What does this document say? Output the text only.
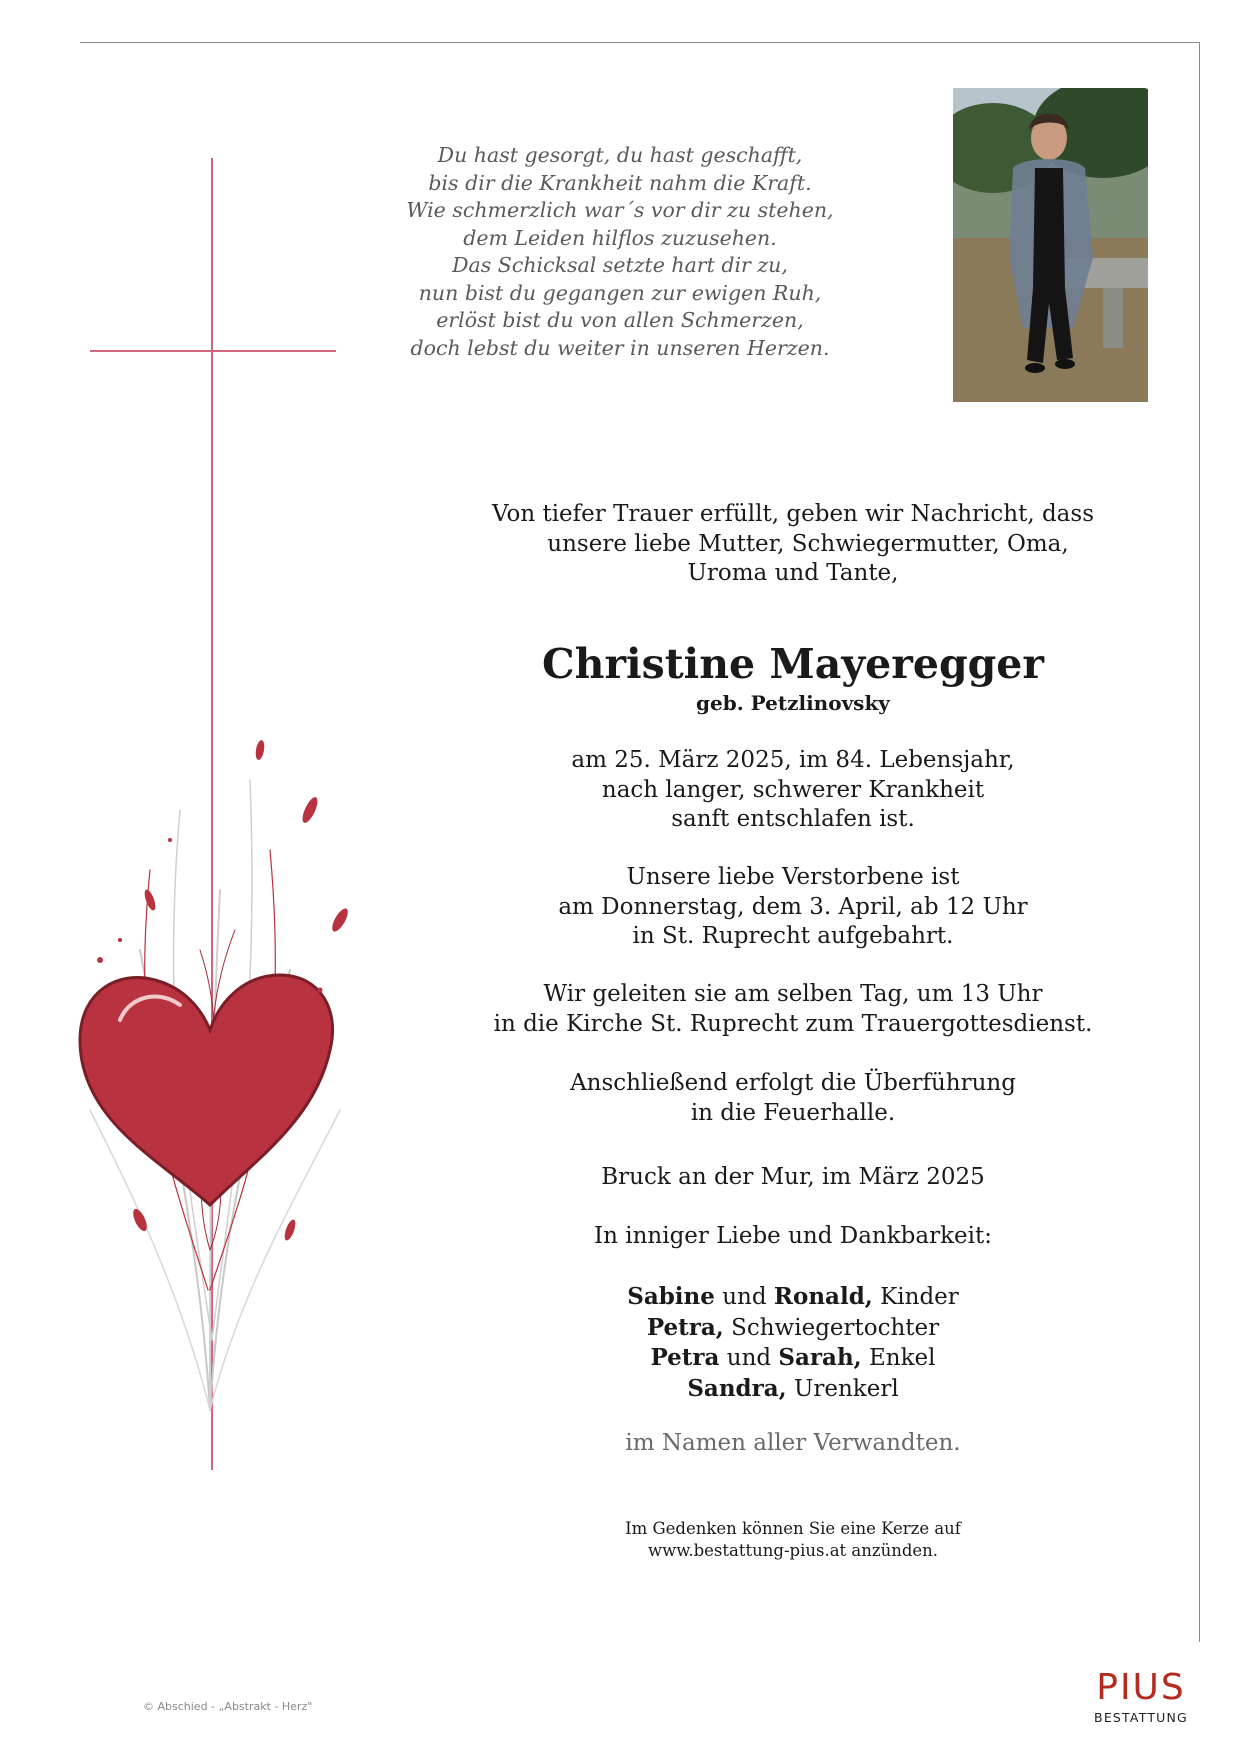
Du hast gesorgt, du hast geschafft,
bis dir die Krankheit nahm die Kraft.
Wie schmerzlich war´s vor dir zu stehen,
dem Leiden hilflos zuzusehen.
Das Schicksal setzte hart dir zu,
nun bist du gegangen zur ewigen Ruh,
erlöst bist du von allen Schmerzen,
doch lebst du weiter in unseren Herzen.
Von tiefer Trauer erfüllt, geben wir Nachricht, dass
unsere liebe Mutter, Schwiegermutter, Oma,
Uroma und Tante,
Christine Mayeregger
geb. Petzlinovsky
am 25. März 2025, im 84. Lebensjahr,
nach langer, schwerer Krankheit
sanft entschlafen ist.
Unsere liebe Verstorbene ist
am Donnerstag, dem 3. April, ab 12 Uhr
in St. Ruprecht aufgebahrt.
Wir geleiten sie am selben Tag, um 13 Uhr
in die Kirche St. Ruprecht zum Trauergottesdienst.
Anschließend erfolgt die Überführung
in die Feuerhalle.
Bruck an der Mur, im März 2025
In inniger Liebe und Dankbarkeit:
Sabine und Ronald, Kinder
Petra, Schwiegertochter
Petra und Sarah, Enkel
Sandra, Urenkerl
im Namen aller Verwandten.
Im Gedenken können Sie eine Kerze auf
www.bestattung-pius.at anzünden.
© Abschied - „Abstrakt - Herz"	PIUS
BESTATTUNG
